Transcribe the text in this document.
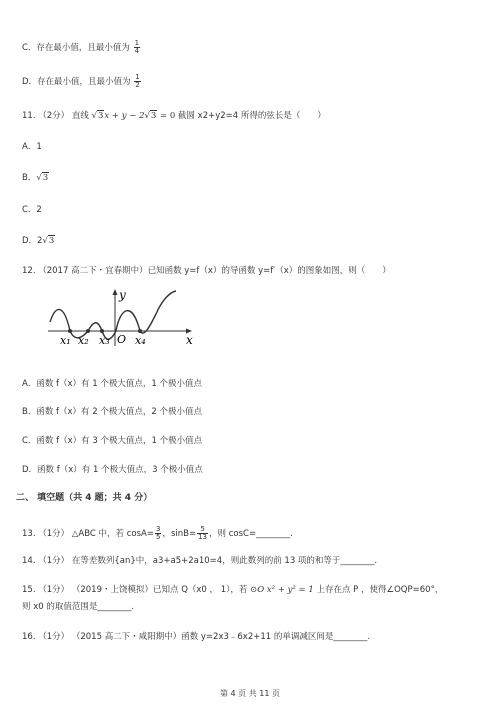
C．存在最小值，且最小值为 $\frac{1}{4}$
D．存在最小值，且最小值为 $\frac{1}{2}$
11. （2分） 直线 √3x + y − 2√3 = 0 截圆 x2+y2=4 所得的弦长是（　　）
A．1
B．√3
C．2
D．2√3
12. （2017 高二下・宜春期中）已知函数 y=f（x）的导函数 y=f′（x）的图象如图，则（　　）
y
x
O
x₁ x₂ x₃ x₄
A．函数 f（x）有 1 个极大值点，1 个极小值点
B．函数 f（x）有 2 个极大值点，2 个极小值点
C．函数 f（x）有 3 个极大值点，1 个极小值点
D．函数 f（x）有 1 个极大值点，3 个极小值点
二、 填空题（共 4 题；共 4 分）
13. （1分） △ABC 中，若 $\cos A= \frac{3}{5}$ ，$\sin B= \frac{5}{13}$ ，则 cosC=________.
14. （1分） 在等差数列{an}中，a3+a5+2a10=4，则此数列的前 13 项的和等于________.
15. （1分） （2019・上饶模拟）已知点 Q（x0 ， 1），若 ⊙O x² + y² = 1 上存在点 P ，使得∠OQP=60°，
则 x0 的取值范围是________.
16. （1分） （2015 高二下・咸阳期中）函数 y=2x3﹣6x2+11 的单调减区间是________.
第 4 页 共 11 页
